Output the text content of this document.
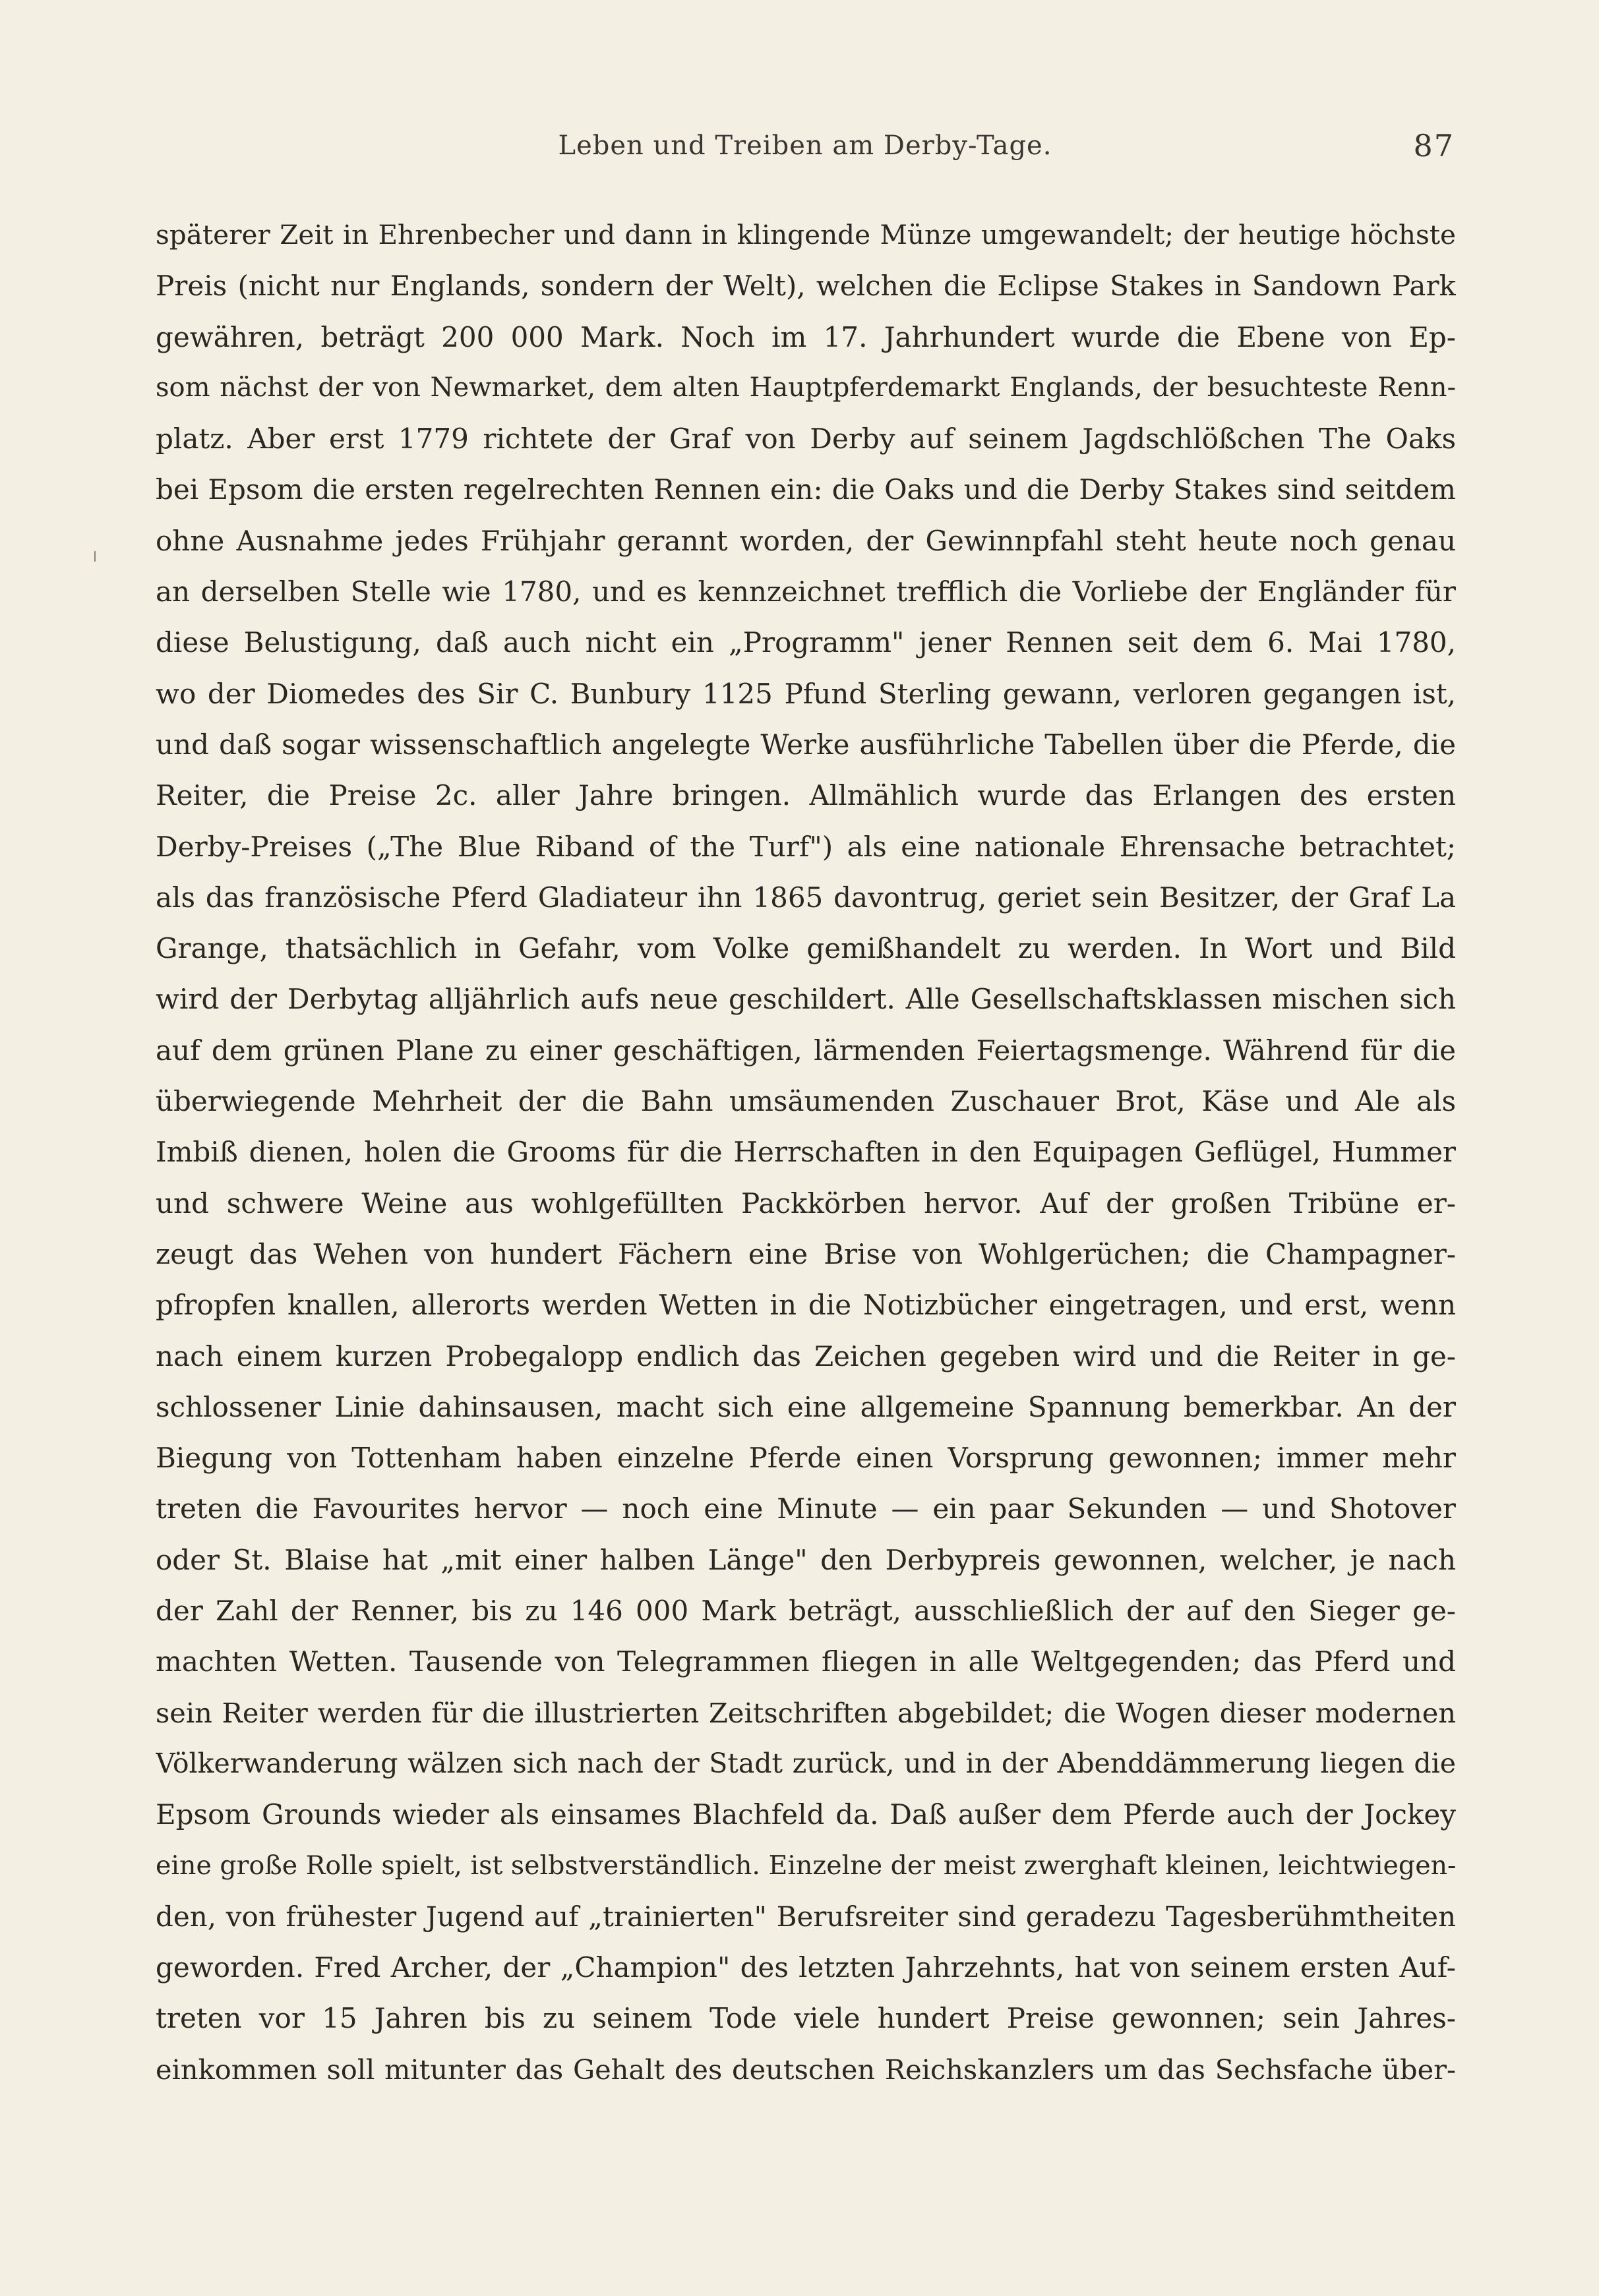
Leben und Treiben am Derby-Tage.	87
späterer Zeit in Ehrenbecher und dann in klingende Münze umgewandelt; der heutige höchste
Preis (nicht nur Englands, sondern der Welt), welchen die Eclipse Stakes in Sandown Park
gewähren, beträgt 200 000 Mark. Noch im 17. Jahrhundert wurde die Ebene von Ep-
som nächst der von Newmarket, dem alten Hauptpferdemarkt Englands, der besuchteste Renn-
platz. Aber erst 1779 richtete der Graf von Derby auf seinem Jagdschlößchen The Oaks
bei Epsom die ersten regelrechten Rennen ein: die Oaks und die Derby Stakes sind seitdem
ohne Ausnahme jedes Frühjahr gerannt worden, der Gewinnpfahl steht heute noch genau
an derselben Stelle wie 1780, und es kennzeichnet trefflich die Vorliebe der Engländer für
diese Belustigung, daß auch nicht ein „Programm" jener Rennen seit dem 6. Mai 1780,
wo der Diomedes des Sir C. Bunbury 1125 Pfund Sterling gewann, verloren gegangen ist,
und daß sogar wissenschaftlich angelegte Werke ausführliche Tabellen über die Pferde, die
Reiter, die Preise 2c. aller Jahre bringen. Allmählich wurde das Erlangen des ersten
Derby-Preises („The Blue Riband of the Turf") als eine nationale Ehrensache betrachtet;
als das französische Pferd Gladiateur ihn 1865 davontrug, geriet sein Besitzer, der Graf La
Grange, thatsächlich in Gefahr, vom Volke gemißhandelt zu werden. In Wort und Bild
wird der Derbytag alljährlich aufs neue geschildert. Alle Gesellschaftsklassen mischen sich
auf dem grünen Plane zu einer geschäftigen, lärmenden Feiertagsmenge. Während für die
überwiegende Mehrheit der die Bahn umsäumenden Zuschauer Brot, Käse und Ale als
Imbiß dienen, holen die Grooms für die Herrschaften in den Equipagen Geflügel, Hummer
und schwere Weine aus wohlgefüllten Packkörben hervor. Auf der großen Tribüne er-
zeugt das Wehen von hundert Fächern eine Brise von Wohlgerüchen; die Champagner-
pfropfen knallen, allerorts werden Wetten in die Notizbücher eingetragen, und erst, wenn
nach einem kurzen Probegalopp endlich das Zeichen gegeben wird und die Reiter in ge-
schlossener Linie dahinsausen, macht sich eine allgemeine Spannung bemerkbar. An der
Biegung von Tottenham haben einzelne Pferde einen Vorsprung gewonnen; immer mehr
treten die Favourites hervor — noch eine Minute — ein paar Sekunden — und Shotover
oder St. Blaise hat „mit einer halben Länge" den Derbypreis gewonnen, welcher, je nach
der Zahl der Renner, bis zu 146 000 Mark beträgt, ausschließlich der auf den Sieger ge-
machten Wetten. Tausende von Telegrammen fliegen in alle Weltgegenden; das Pferd und
sein Reiter werden für die illustrierten Zeitschriften abgebildet; die Wogen dieser modernen
Völkerwanderung wälzen sich nach der Stadt zurück, und in der Abenddämmerung liegen die
Epsom Grounds wieder als einsames Blachfeld da. Daß außer dem Pferde auch der Jockey
eine große Rolle spielt, ist selbstverständlich. Einzelne der meist zwerghaft kleinen, leichtwiegen-
den, von frühester Jugend auf „trainierten" Berufsreiter sind geradezu Tagesberühmtheiten
geworden. Fred Archer, der „Champion" des letzten Jahrzehnts, hat von seinem ersten Auf-
treten vor 15 Jahren bis zu seinem Tode viele hundert Preise gewonnen; sein Jahres-
einkommen soll mitunter das Gehalt des deutschen Reichskanzlers um das Sechsfache über-
